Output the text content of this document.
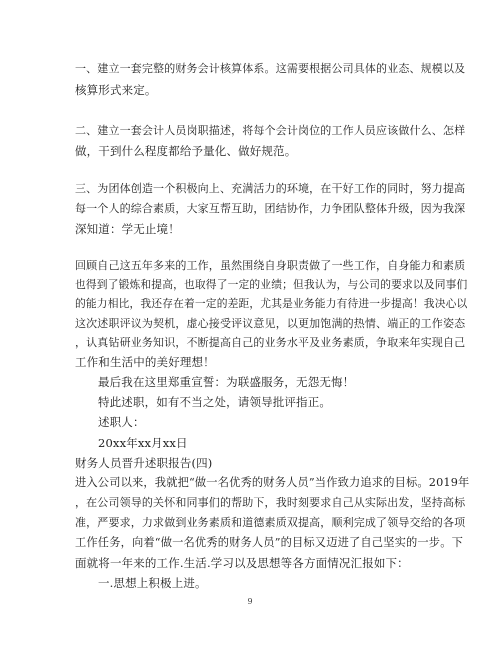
一、建立一套完整的财务会计核算体系。这需要根据公司具体的业态、规模以及
核算形式来定。
二、建立一套会计人员岗职描述，将每个会计岗位的工作人员应该做什么、怎样
做，干到什么程度都给予量化、做好规范。
三、为团体创造一个积极向上、充满活力的环境，在干好工作的同时，努力提高
每一个人的综合素质，大家互帮互助，团结协作，力争团队整体升级，因为我深
深知道：学无止境！
回顾自己这五年多来的工作，虽然围绕自身职责做了一些工作，自身能力和素质
也得到了锻炼和提高，也取得了一定的业绩；但我认为，与公司的要求以及同事们
的能力相比，我还存在着一定的差距，尤其是业务能力有待进一步提高！我决心以
这次述职评议为契机，虚心接受评议意见，以更加饱满的热情、端正的工作姿态
，认真钻研业务知识，不断提高自己的业务水平及业务素质，争取来年实现自己
工作和生活中的美好理想！
最后我在这里郑重宣誓：为联盛服务，无怨无悔！
特此述职，如有不当之处，请领导批评指正。
述职人：
20xx年xx月xx日
财务人员晋升述职报告(四)
进入公司以来，我就把“做一名优秀的财务人员”当作致力追求的目标。2019年
，在公司领导的关怀和同事们的帮助下，我时刻要求自己从实际出发，坚持高标
准，严要求，力求做到业务素质和道德素质双提高，顺利完成了领导交给的各项
工作任务，向着“做一名优秀的财务人员”的目标又迈进了自己坚实的一步。下
面就将一年来的工作.生活.学习以及思想等各方面情况汇报如下：
一.思想上积极上进。
9
